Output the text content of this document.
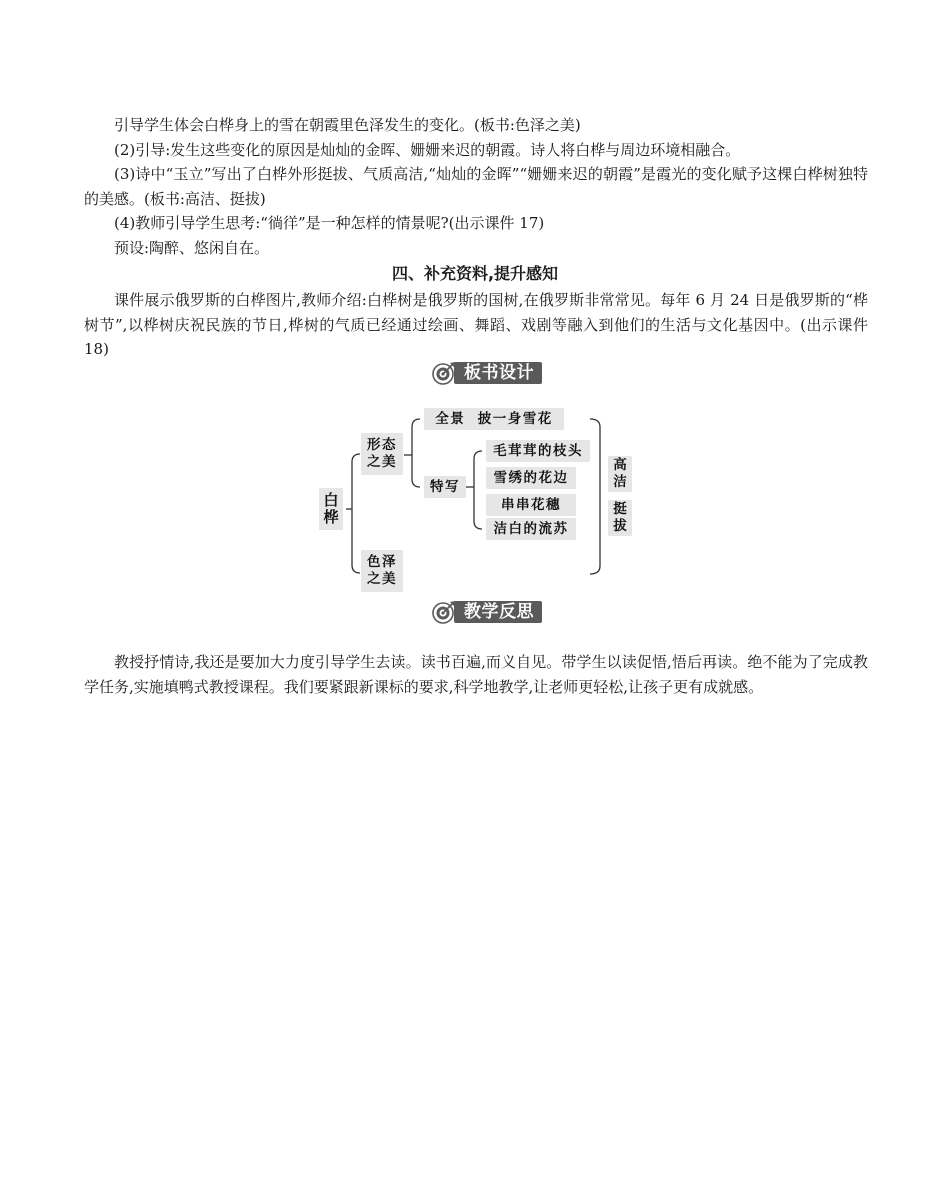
引导学生体会白桦身上的雪在朝霞里色泽发生的变化。(板书:色泽之美)

(2)引导:发生这些变化的原因是灿灿的金晖、姗姗来迟的朝霞。诗人将白桦与周边环境相融合。

(3)诗中“玉立”写出了白桦外形挺拔、气质高洁,“灿灿的金晖”“姗姗来迟的朝霞”是霞光的变化赋予这棵白桦树独特的美感。(板书:高洁、挺拔)

(4)教师引导学生思考:“徜徉”是一种怎样的情景呢?(出示课件 17)

预设:陶醉、悠闲自在。

四、补充资料,提升感知

课件展示俄罗斯的白桦图片,教师介绍:白桦树是俄罗斯的国树,在俄罗斯非常常见。每年 6 月 24 日是俄罗斯的“桦树节”,以桦树庆祝民族的节日,桦树的气质已经通过绘画、舞蹈、戏剧等融入到他们的生活与文化基因中。(出示课件 18)

板书设计
白桦
形态之美
色泽之美
全景  披一身雪花
特写
毛茸茸的枝头
雪绣的花边
串串花穗
洁白的流苏
高洁
挺拔
教学反思

教授抒情诗,我还是要加大力度引导学生去读。读书百遍,而义自见。带学生以读促悟,悟后再读。绝不能为了完成教学任务,实施填鸭式教授课程。我们要紧跟新课标的要求,科学地教学,让老师更轻松,让孩子更有成就感。
